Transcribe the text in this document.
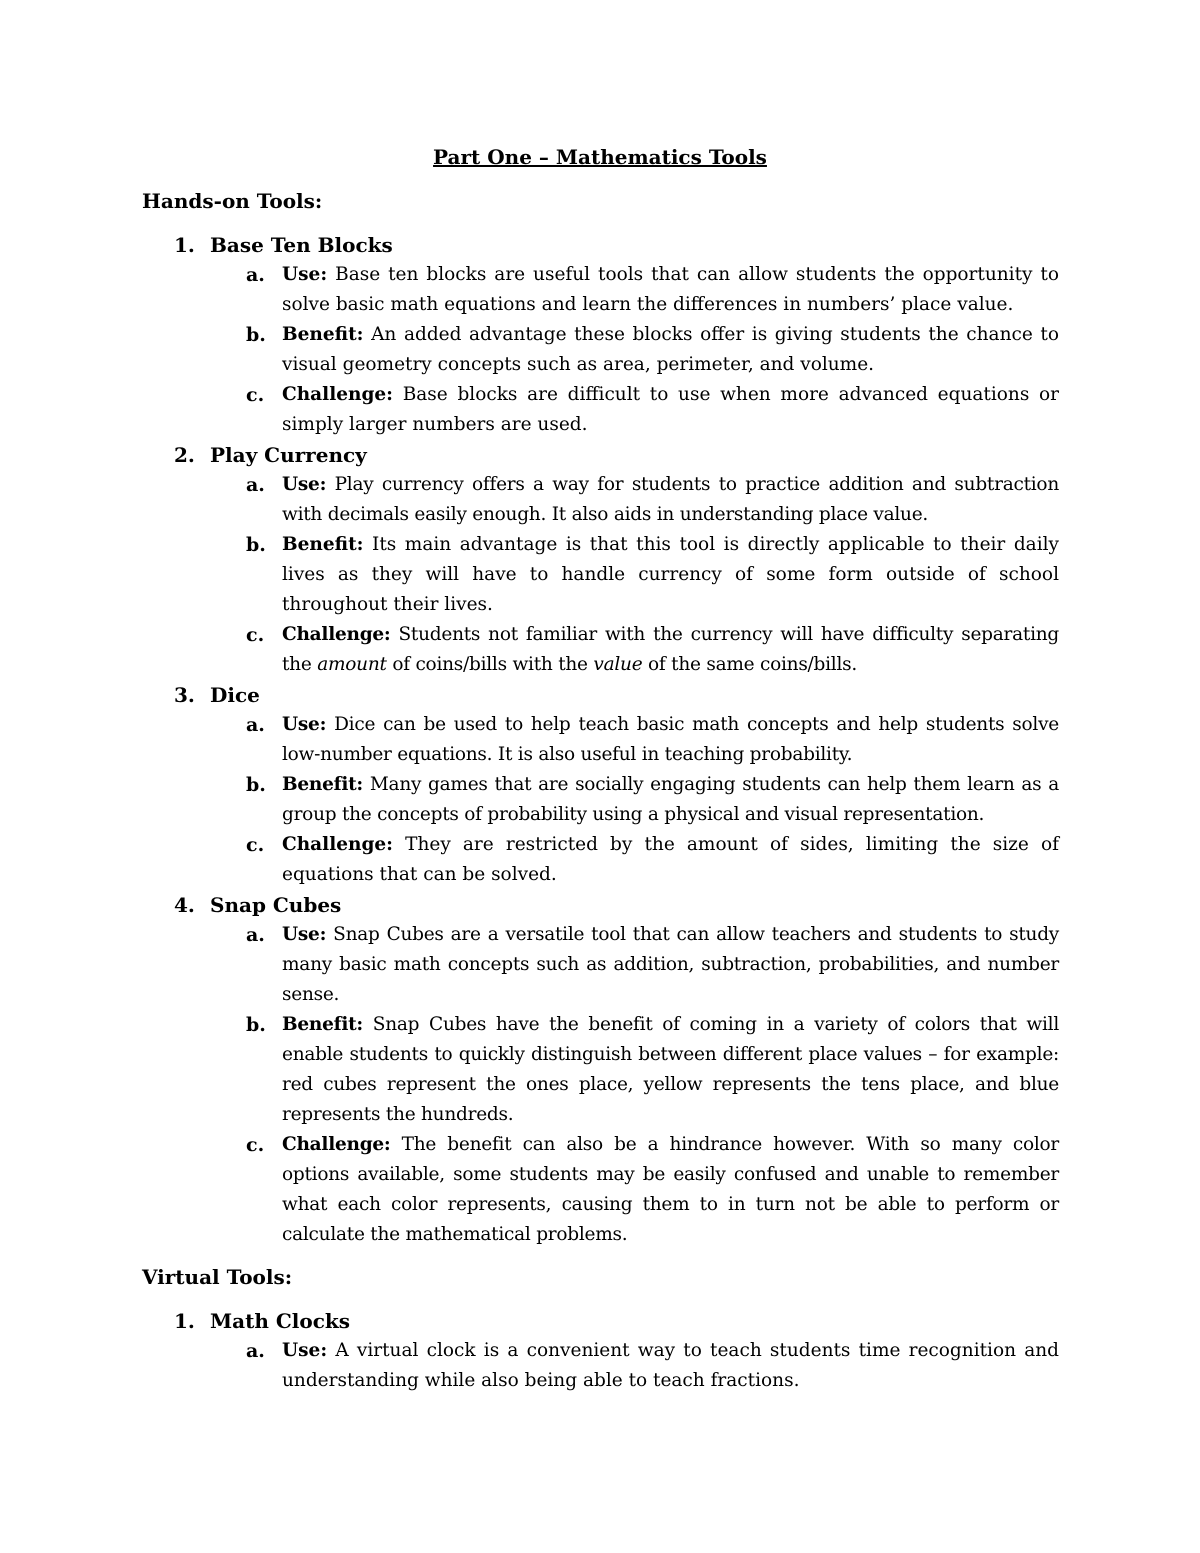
Part One – Mathematics Tools
Hands-on Tools:
1. Base Ten Blocks
a. Use: Base ten blocks are useful tools that can allow students the opportunity to solve basic math equations and learn the differences in numbers’ place value.
b. Benefit: An added advantage these blocks offer is giving students the chance to visual geometry concepts such as area, perimeter, and volume.
c. Challenge: Base blocks are difficult to use when more advanced equations or simply larger numbers are used.
2. Play Currency
a. Use: Play currency offers a way for students to practice addition and subtraction with decimals easily enough. It also aids in understanding place value.
b. Benefit: Its main advantage is that this tool is directly applicable to their daily lives as they will have to handle currency of some form outside of school throughout their lives.
c. Challenge: Students not familiar with the currency will have difficulty separating the amount of coins/bills with the value of the same coins/bills.
3. Dice
a. Use: Dice can be used to help teach basic math concepts and help students solve low-number equations. It is also useful in teaching probability.
b. Benefit: Many games that are socially engaging students can help them learn as a group the concepts of probability using a physical and visual representation.
c. Challenge: They are restricted by the amount of sides, limiting the size of equations that can be solved.
4. Snap Cubes
a. Use: Snap Cubes are a versatile tool that can allow teachers and students to study many basic math concepts such as addition, subtraction, probabilities, and number sense.
b. Benefit: Snap Cubes have the benefit of coming in a variety of colors that will enable students to quickly distinguish between different place values – for example: red cubes represent the ones place, yellow represents the tens place, and blue represents the hundreds.
c. Challenge: The benefit can also be a hindrance however. With so many color options available, some students may be easily confused and unable to remember what each color represents, causing them to in turn not be able to perform or calculate the mathematical problems.
Virtual Tools:
1. Math Clocks
a. Use: A virtual clock is a convenient way to teach students time recognition and understanding while also being able to teach fractions.
